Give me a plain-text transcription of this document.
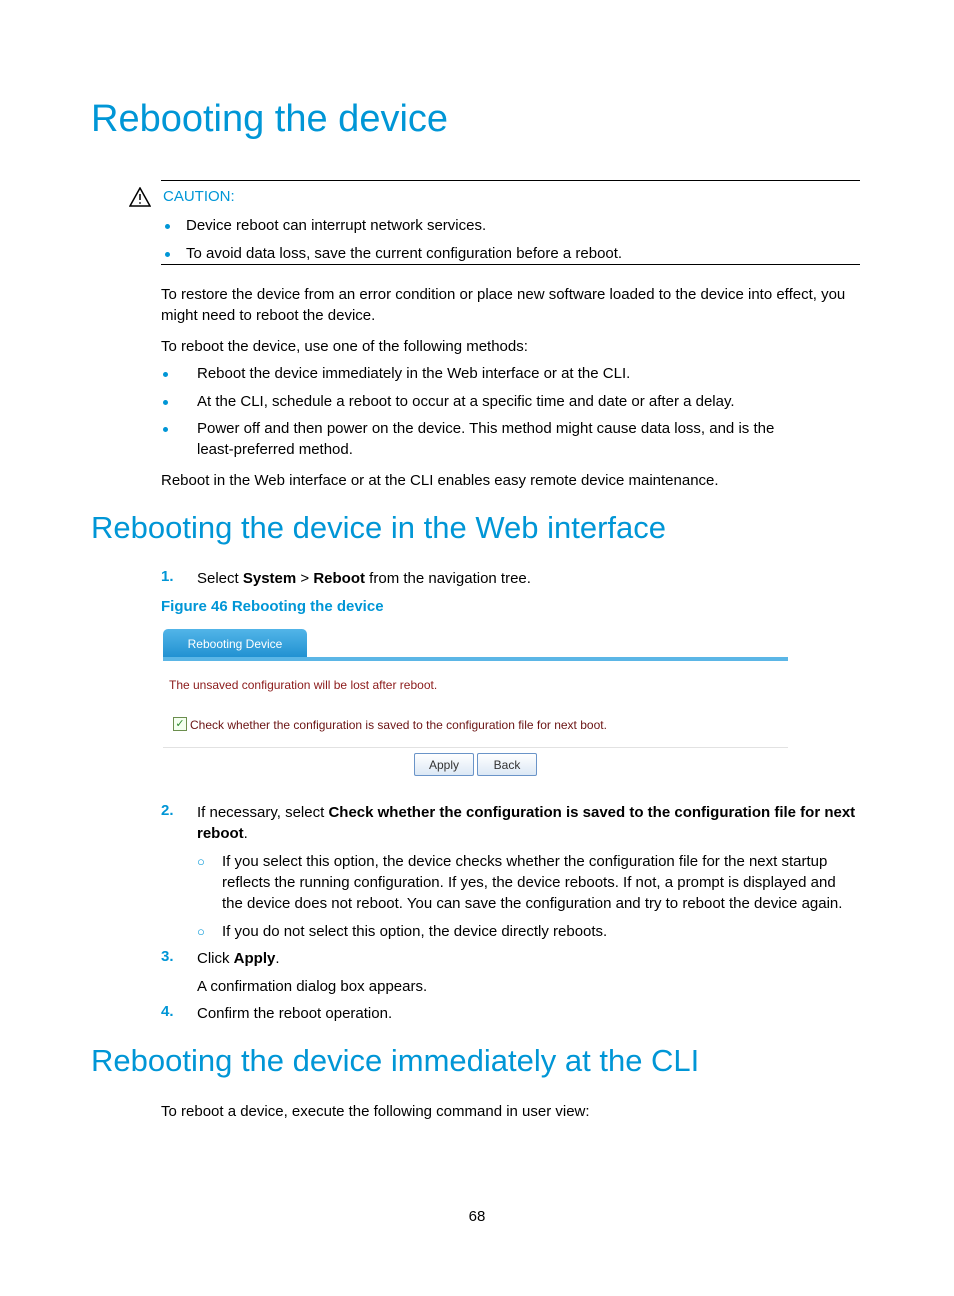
Rebooting the device
CAUTION:
Device reboot can interrupt network services.
To avoid data loss, save the current configuration before a reboot.
To restore the device from an error condition or place new software loaded to the device into effect, you
might need to reboot the device.
To reboot the device, use one of the following methods:
Reboot the device immediately in the Web interface or at the CLI.
At the CLI, schedule a reboot to occur at a specific time and date or after a delay.
Power off and then power on the device. This method might cause data loss, and is the
least-preferred method.
Reboot in the Web interface or at the CLI enables easy remote device maintenance.
Rebooting the device in the Web interface
1. Select System > Reboot from the navigation tree.
Figure 46 Rebooting the device
Rebooting Device
The unsaved configuration will be lost after reboot.
✓ Check whether the configuration is saved to the configuration file for next boot.
Apply	Back
2. If necessary, select Check whether the configuration is saved to the configuration file for next
reboot.
○ If you select this option, the device checks whether the configuration file for the next startup
reflects the running configuration. If yes, the device reboots. If not, a prompt is displayed and
the device does not reboot. You can save the configuration and try to reboot the device again.
○ If you do not select this option, the device directly reboots.
3. Click Apply.
A confirmation dialog box appears.
4. Confirm the reboot operation.
Rebooting the device immediately at the CLI
To reboot a device, execute the following command in user view:
68
